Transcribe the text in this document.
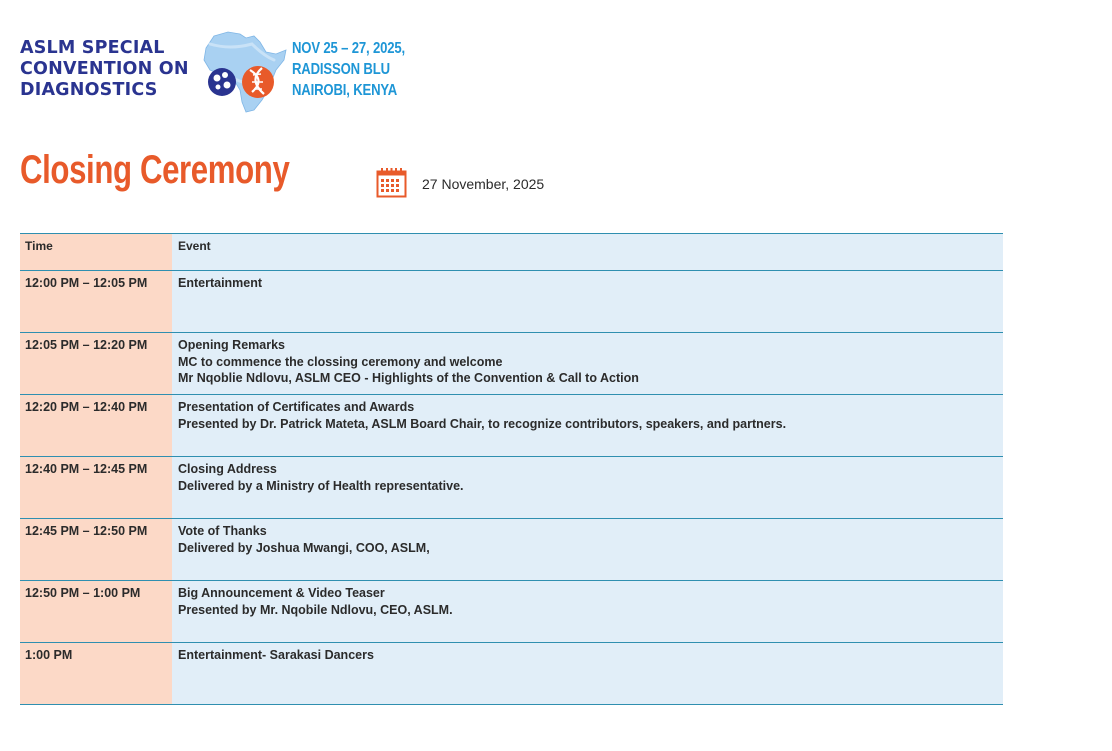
ASLM SPECIAL
CONVENTION ON
DIAGNOSTICS
NOV 25 – 27, 2025,
RADISSON BLU
NAIROBI, KENYA
Closing Ceremony	27 November, 2025
Time	Event
12:00 PM – 12:05 PM	Entertainment
12:05 PM – 12:20 PM	Opening Remarks
MC to commence the clossing ceremony and welcome
Mr Nqoblie Ndlovu, ASLM CEO - Highlights of the Convention & Call to Action
12:20 PM – 12:40 PM	Presentation of Certificates and Awards
Presented by Dr. Patrick Mateta, ASLM Board Chair, to recognize contributors, speakers, and partners.
12:40 PM – 12:45 PM	Closing Address
Delivered by a Ministry of Health representative.
12:45 PM – 12:50 PM	Vote of Thanks
Delivered by Joshua Mwangi, COO, ASLM,
12:50 PM – 1:00 PM	Big Announcement & Video Teaser
Presented by Mr. Nqobile Ndlovu, CEO, ASLM.
1:00 PM	Entertainment- Sarakasi Dancers
